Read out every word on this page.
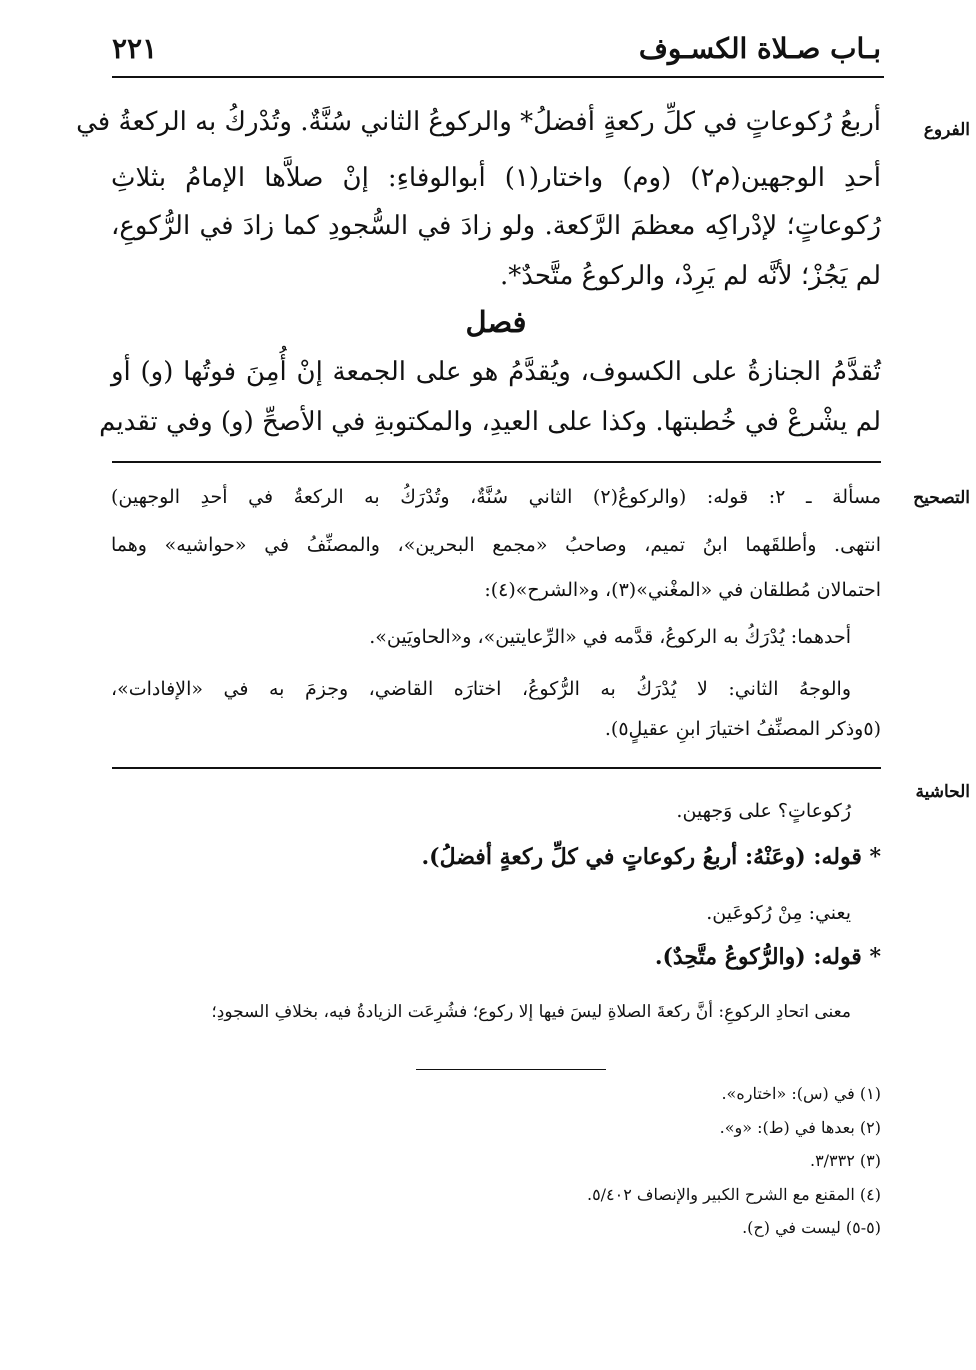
بـاب صـلاة الكسـوف
٢٢١
الفروع
التصحيح
الحاشية
أربعُ رُكوعاتٍ في كلِّ ركعةٍ أفضلُ* والركوعُ الثاني سُنَّةٌ. وتُدْركُ به الركعةُ في
أحدِ الوجهين(م٢) (وم) واختار(١) أبوالوفاءِ: إنْ صلاَّها الإمامُ بثلاثِ
رُكوعاتٍ؛ لإدْراكِه معظمَ الرَّكعة. ولو زادَ في السُّجودِ كما زادَ في الرُّكوعِ،
لم يَجُزْ؛ لأنَّه لم يَرِدْ، والركوعُ متَّحدٌ*.
فصل
تُقدَّمُ الجنازةُ على الكسوف، ويُقدَّمُ هو على الجمعة إنْ أُمِنَ فوتُها (و) أو
لم يشْرعْ في خُطبتها. وكذا على العيدِ، والمكتوبةِ في الأصحِّ (و) وفي تقديم
مسألة ـ ٢: قوله: (والركوعُ(٢) الثاني سُنَّةٌ، وتُدْرَكُ به الركعةُ في أحدِ الوجهين)
انتهى. وأطلقَهما ابنُ تميم، وصاحبُ «مجمع البحرين»، والمصنِّفُ في «حواشيه» وهما
احتمالان مُطلقان في «المغْني»(٣)، و«الشرح»(٤):
أحدهما: يُدْرَكُ به الركوعُ، قدَّمه في «الرِّعايتين»، و«الحاويَين».
والوجهُ الثاني: لا يُدْرَكُ به الرُّكوعُ، اختارَه القاضي، وجزمَ به في «الإفادات»،
(٥وذكر المصنِّفُ اختيارَ ابنِ عقيلٍ٥).
رُكوعاتٍ؟ على وَجهين.
* قوله: (وعَنْهُ: أربعُ ركوعاتٍ في كلِّ ركعةٍ أفضلُ).
يعني: مِنْ رُكوعَين.
* قوله: (والرُّكوعُ متَّحِدٌ).
معنى اتحادِ الركوعِ: أنَّ ركعةَ الصلاةِ ليسَ فيها إلا ركوع؛ فشُرِعَت الزيادةُ فيه، بخلافِ السجودِ؛
(١) في (س): «اختاره».
(٢) بعدها في (ط): «و».
(٣) ٣/٣٣٢.
(٤) المقنع مع الشرح الكبير والإنصاف ٥/٤٠٢.
(٥-٥) ليست في (ح).
